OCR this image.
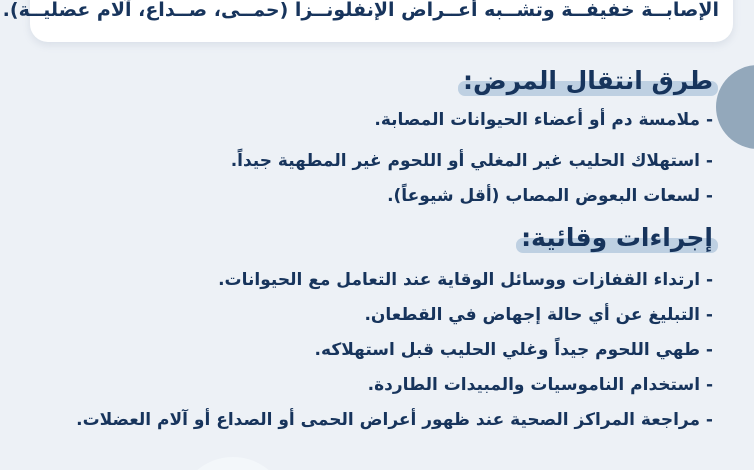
الإصابــة خفيفــة وتشــبه أعــراض الإنفلونــزا (حمــى، صــداع، آلام عضليــة).
طرق انتقال المرض:
- ملامسة دم أو أعضاء الحيوانات المصابة.
- استهلاك الحليب غير المغلي أو اللحوم غير المطهية جيداً.
- لسعات البعوض المصاب (أقل شيوعاً).
إجراءات وقائية:
- ارتداء القفازات ووسائل الوقاية عند التعامل مع الحيوانات.
- التبليغ عن أي حالة إجهاض في القطعان.
- طهي اللحوم جيداً وغلي الحليب قبل استهلاكه.
- استخدام الناموسيات والمبيدات الطاردة.
- مراجعة المراكز الصحية عند ظهور أعراض الحمى أو الصداع أو آلام العضلات.
